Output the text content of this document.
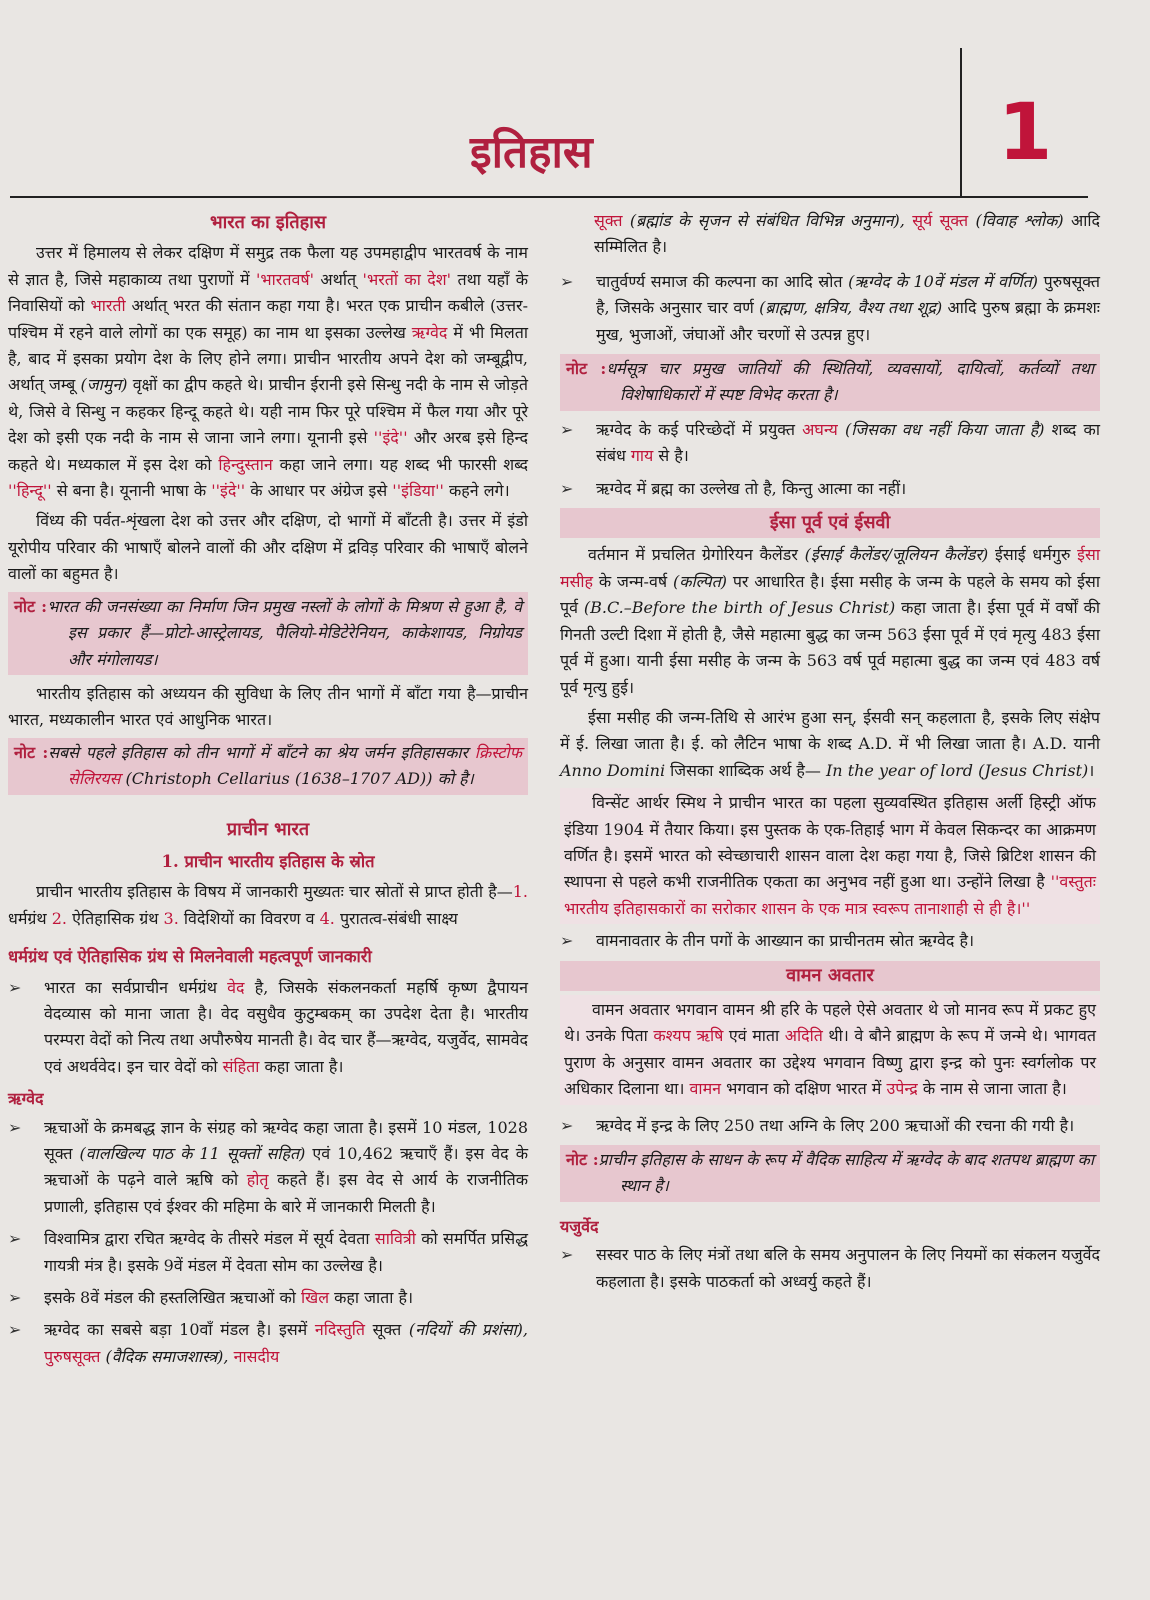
इतिहास	1
भारत का इतिहास

उत्तर में हिमालय से लेकर दक्षिण में समुद्र तक फैला यह उपमहाद्वीप भारतवर्ष के नाम से ज्ञात है, जिसे महाकाव्य तथा पुराणों में 'भारतवर्ष' अर्थात् 'भरतों का देश' तथा यहाँ के निवासियों को भारती अर्थात् भरत की संतान कहा गया है। भरत एक प्राचीन कबीले (उत्तर-पश्चिम में रहने वाले लोगों का एक समूह) का नाम था इसका उल्लेख ऋग्वेद में भी मिलता है, बाद में इसका प्रयोग देश के लिए होने लगा। प्राचीन भारतीय अपने देश को जम्बूद्वीप, अर्थात् जम्बू (जामुन) वृक्षों का द्वीप कहते थे। प्राचीन ईरानी इसे सिन्धु नदी के नाम से जोड़ते थे, जिसे वे सिन्धु न कहकर हिन्दू कहते थे। यही नाम फिर पूरे पश्चिम में फैल गया और पूरे देश को इसी एक नदी के नाम से जाना जाने लगा। यूनानी इसे ''इंदे'' और अरब इसे हिन्द कहते थे। मध्यकाल में इस देश को हिन्दुस्तान कहा जाने लगा। यह शब्द भी फारसी शब्द ''हिन्दू'' से बना है। यूनानी भाषा के ''इंदे'' के आधार पर अंग्रेज इसे ''इंडिया'' कहने लगे।

विंध्य की पर्वत-शृंखला देश को उत्तर और दक्षिण, दो भागों में बाँटती है। उत्तर में इंडो यूरोपीय परिवार की भाषाएँ बोलने वालों की और दक्षिण में द्रविड़ परिवार की भाषाएँ बोलने वालों का बहुमत है।

नोट :भारत की जनसंख्या का निर्माण जिन प्रमुख नस्लों के लोगों के मिश्रण से हुआ है, वे इस प्रकार हैं—प्रोटो-आस्ट्रेलायड, पैलियो-मेडिटेरेनियन, काकेशायड, निग्रोयड और मंगोलायड।

भारतीय इतिहास को अध्ययन की सुविधा के लिए तीन भागों में बाँटा गया है—प्राचीन भारत, मध्यकालीन भारत एवं आधुनिक भारत।

नोट :सबसे पहले इतिहास को तीन भागों में बाँटने का श्रेय जर्मन इतिहासकार क्रिस्टोफ सेलिरयस (Christoph Cellarius (1638–1707 AD)) को है।
प्राचीन भारत
1. प्राचीन भारतीय इतिहास के स्रोत

प्राचीन भारतीय इतिहास के विषय में जानकारी मुख्यतः चार स्रोतों से प्राप्त होती है—1. धर्मग्रंथ 2. ऐतिहासिक ग्रंथ 3. विदेशियों का विवरण व 4. पुरातत्व-संबंधी साक्ष्य

धर्मग्रंथ एवं ऐतिहासिक ग्रंथ से मिलनेवाली महत्वपूर्ण जानकारी
➢ भारत का सर्वप्राचीन धर्मग्रंथ वेद है, जिसके संकलनकर्ता महर्षि कृष्ण द्वैपायन वेदव्यास को माना जाता है। वेद वसुधैव कुटुम्बकम् का उपदेश देता है। भारतीय परम्परा वेदों को नित्य तथा अपौरुषेय मानती है। वेद चार हैं—ऋग्वेद, यजुर्वेद, सामवेद एवं अथर्ववेद। इन चार वेदों को संहिता कहा जाता है।
ऋग्वेद
➢ ऋचाओं के क्रमबद्ध ज्ञान के संग्रह को ऋग्वेद कहा जाता है। इसमें 10 मंडल, 1028 सूक्त (वालखिल्य पाठ के 11 सूक्तों सहित) एवं 10,462 ऋचाएँ हैं। इस वेद के ऋचाओं के पढ़ने वाले ऋषि को होतृ कहते हैं। इस वेद से आर्य के राजनीतिक प्रणाली, इतिहास एवं ईश्वर की महिमा के बारे में जानकारी मिलती है।
➢ विश्वामित्र द्वारा रचित ऋग्वेद के तीसरे मंडल में सूर्य देवता सावित्री को समर्पित प्रसिद्ध गायत्री मंत्र है। इसके 9वें मंडल में देवता सोम का उल्लेख है।
➢ इसके 8वें मंडल की हस्तलिखित ऋचाओं को खिल कहा जाता है।
➢ ऋग्वेद का सबसे बड़ा 10वाँ मंडल है। इसमें नदिस्तुति सूक्त (नदियों की प्रशंसा), पुरुषसूक्त (वैदिक समाजशास्त्र), नासदीय
सूक्त (ब्रह्मांड के सृजन से संबंधित विभिन्न अनुमान), सूर्य सूक्त (विवाह श्लोक) आदि सम्मिलित है।
➢ चातुर्वर्ण्य समाज की कल्पना का आदि स्रोत (ऋग्वेद के 10वें मंडल में वर्णित) पुरुषसूक्त है, जिसके अनुसार चार वर्ण (ब्राह्मण, क्षत्रिय, वैश्य तथा शूद्र) आदि पुरुष ब्रह्मा के क्रमशः मुख, भुजाओं, जंघाओं और चरणों से उत्पन्न हुए।
नोट :धर्मसूत्र चार प्रमुख जातियों की स्थितियों, व्यवसायों, दायित्वों, कर्तव्यों तथा विशेषाधिकारों में स्पष्ट विभेद करता है।
➢ ऋग्वेद के कई परिच्छेदों में प्रयुक्त अघन्य (जिसका वध नहीं किया जाता है) शब्द का संबंध गाय से है।
➢ ऋग्वेद में ब्रह्म का उल्लेख तो है, किन्तु आत्मा का नहीं।
ईसा पूर्व एवं ईसवी

वर्तमान में प्रचलित ग्रेगोरियन कैलेंडर (ईसाई कैलेंडर/जूलियन कैलेंडर) ईसाई धर्मगुरु ईसा मसीह के जन्म-वर्ष (कल्पित) पर आधारित है। ईसा मसीह के जन्म के पहले के समय को ईसा पूर्व (B.C.–Before the birth of Jesus Christ) कहा जाता है। ईसा पूर्व में वर्षों की गिनती उल्टी दिशा में होती है, जैसे महात्मा बुद्ध का जन्म 563 ईसा पूर्व में एवं मृत्यु 483 ईसा पूर्व में हुआ। यानी ईसा मसीह के जन्म के 563 वर्ष पूर्व महात्मा बुद्ध का जन्म एवं 483 वर्ष पूर्व मृत्यु हुई।

ईसा मसीह की जन्म-तिथि से आरंभ हुआ सन्, ईसवी सन् कहलाता है, इसके लिए संक्षेप में ई. लिखा जाता है। ई. को लैटिन भाषा के शब्द A.D. में भी लिखा जाता है। A.D. यानी Anno Domini जिसका शाब्दिक अर्थ है— In the year of lord (Jesus Christ)।

विन्सेंट आर्थर स्मिथ ने प्राचीन भारत का पहला सुव्यवस्थित इतिहास अर्ली हिस्ट्री ऑफ इंडिया 1904 में तैयार किया। इस पुस्तक के एक-तिहाई भाग में केवल सिकन्दर का आक्रमण वर्णित है। इसमें भारत को स्वेच्छाचारी शासन वाला देश कहा गया है, जिसे ब्रिटिश शासन की स्थापना से पहले कभी राजनीतिक एकता का अनुभव नहीं हुआ था। उन्होंने लिखा है ''वस्तुतः भारतीय इतिहासकारों का सरोकार शासन के एक मात्र स्वरूप तानाशाही से ही है।''

➢ वामनावतार के तीन पगों के आख्यान का प्राचीनतम स्रोत ऋग्वेद है।
वामन अवतार

वामन अवतार भगवान वामन श्री हरि के पहले ऐसे अवतार थे जो मानव रूप में प्रकट हुए थे। उनके पिता कश्यप ऋषि एवं माता अदिति थी। वे बौने ब्राह्मण के रूप में जन्मे थे। भागवत पुराण के अनुसार वामन अवतार का उद्देश्य भगवान विष्णु द्वारा इन्द्र को पुनः स्वर्गलोक पर अधिकार दिलाना था। वामन भगवान को दक्षिण भारत में उपेन्द्र के नाम से जाना जाता है।

➢ ऋग्वेद में इन्द्र के लिए 250 तथा अग्नि के लिए 200 ऋचाओं की रचना की गयी है।
नोट :प्राचीन इतिहास के साधन के रूप में वैदिक साहित्य में ऋग्वेद के बाद शतपथ ब्राह्मण का स्थान है।
यजुर्वेद
➢ सस्वर पाठ के लिए मंत्रों तथा बलि के समय अनुपालन के लिए नियमों का संकलन यजुर्वेद कहलाता है। इसके पाठकर्ता को अध्वर्यु कहते हैं।
